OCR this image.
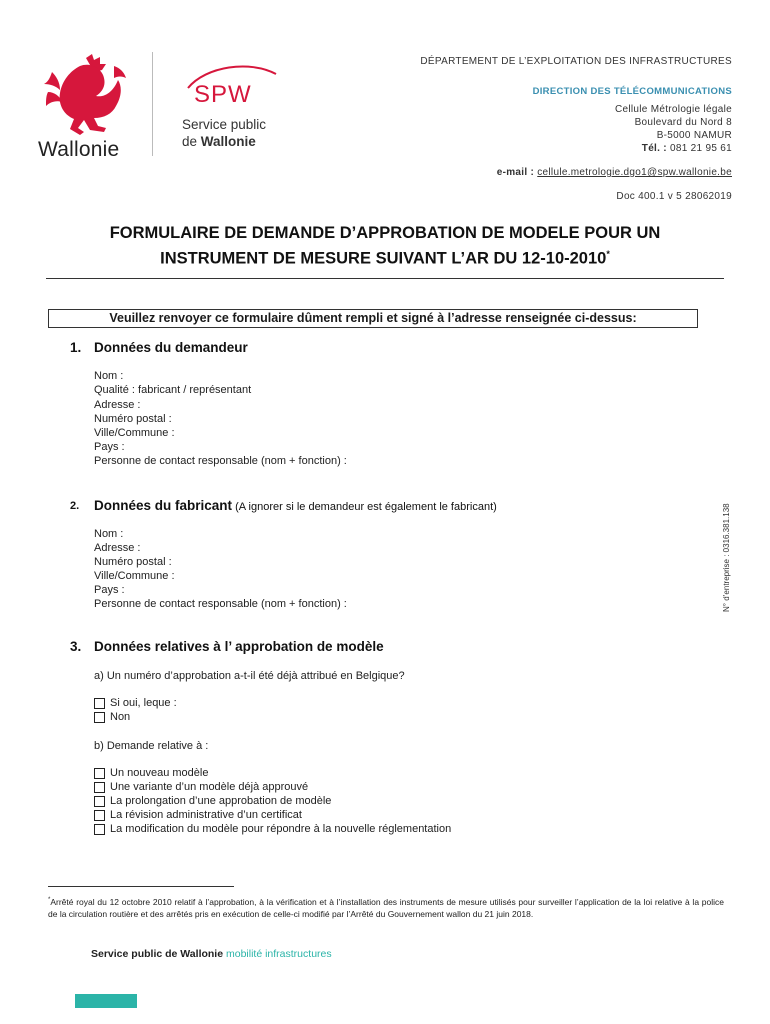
Wallonie
SPW
Service public
de Wallonie
DÉPARTEMENT DE L’EXPLOITATION DES INFRASTRUCTURES
DIRECTION DES TÉLÉCOMMUNICATIONS
Cellule Métrologie légale
Boulevard du Nord 8
B-5000 NAMUR
Tél. : 081 21 95 61
e-mail : cellule.metrologie.dgo1@spw.wallonie.be
Doc 400.1 v 5 28062019
FORMULAIRE DE DEMANDE D’APPROBATION DE MODELE POUR UN
INSTRUMENT DE MESURE SUIVANT L’AR DU 12-10-2010*
Veuillez renvoyer ce formulaire dûment rempli et signé à l’adresse renseignée ci-dessus:
1. Données du demandeur
Nom :
Qualité : fabricant / représentant
Adresse :
Numéro postal :
Ville/Commune :
Pays :
Personne de contact responsable (nom + fonction) :
2. Données du fabricant (A ignorer si le demandeur est également le fabricant)
Nom :
Adresse :
Numéro postal :
Ville/Commune :
Pays :
Personne de contact responsable (nom + fonction) :	N° d’entreprise : 0316.381.138
3. Données relatives à l’ approbation de modèle
a) Un numéro d’approbation a-t-il été déjà attribué en Belgique?
Si oui, leque :
Non
b) Demande relative à :
Un nouveau modèle
Une variante d’un modèle déjà approuvé
La prolongation d’une approbation de modèle
La révision administrative d’un certificat
La modification du modèle pour répondre à la nouvelle réglementation
*Arrêté royal du 12 octobre 2010 relatif à l’approbation, à la vérification et à l’installation des instruments de mesure utilisés pour surveiller l’application de la loi relative à la police de la circulation routière et des arrêtés pris en exécution de celle-ci modifié par l’Arrêté du Gouvernement wallon du 21 juin 2018.
Service public de Wallonie mobilité infrastructures
